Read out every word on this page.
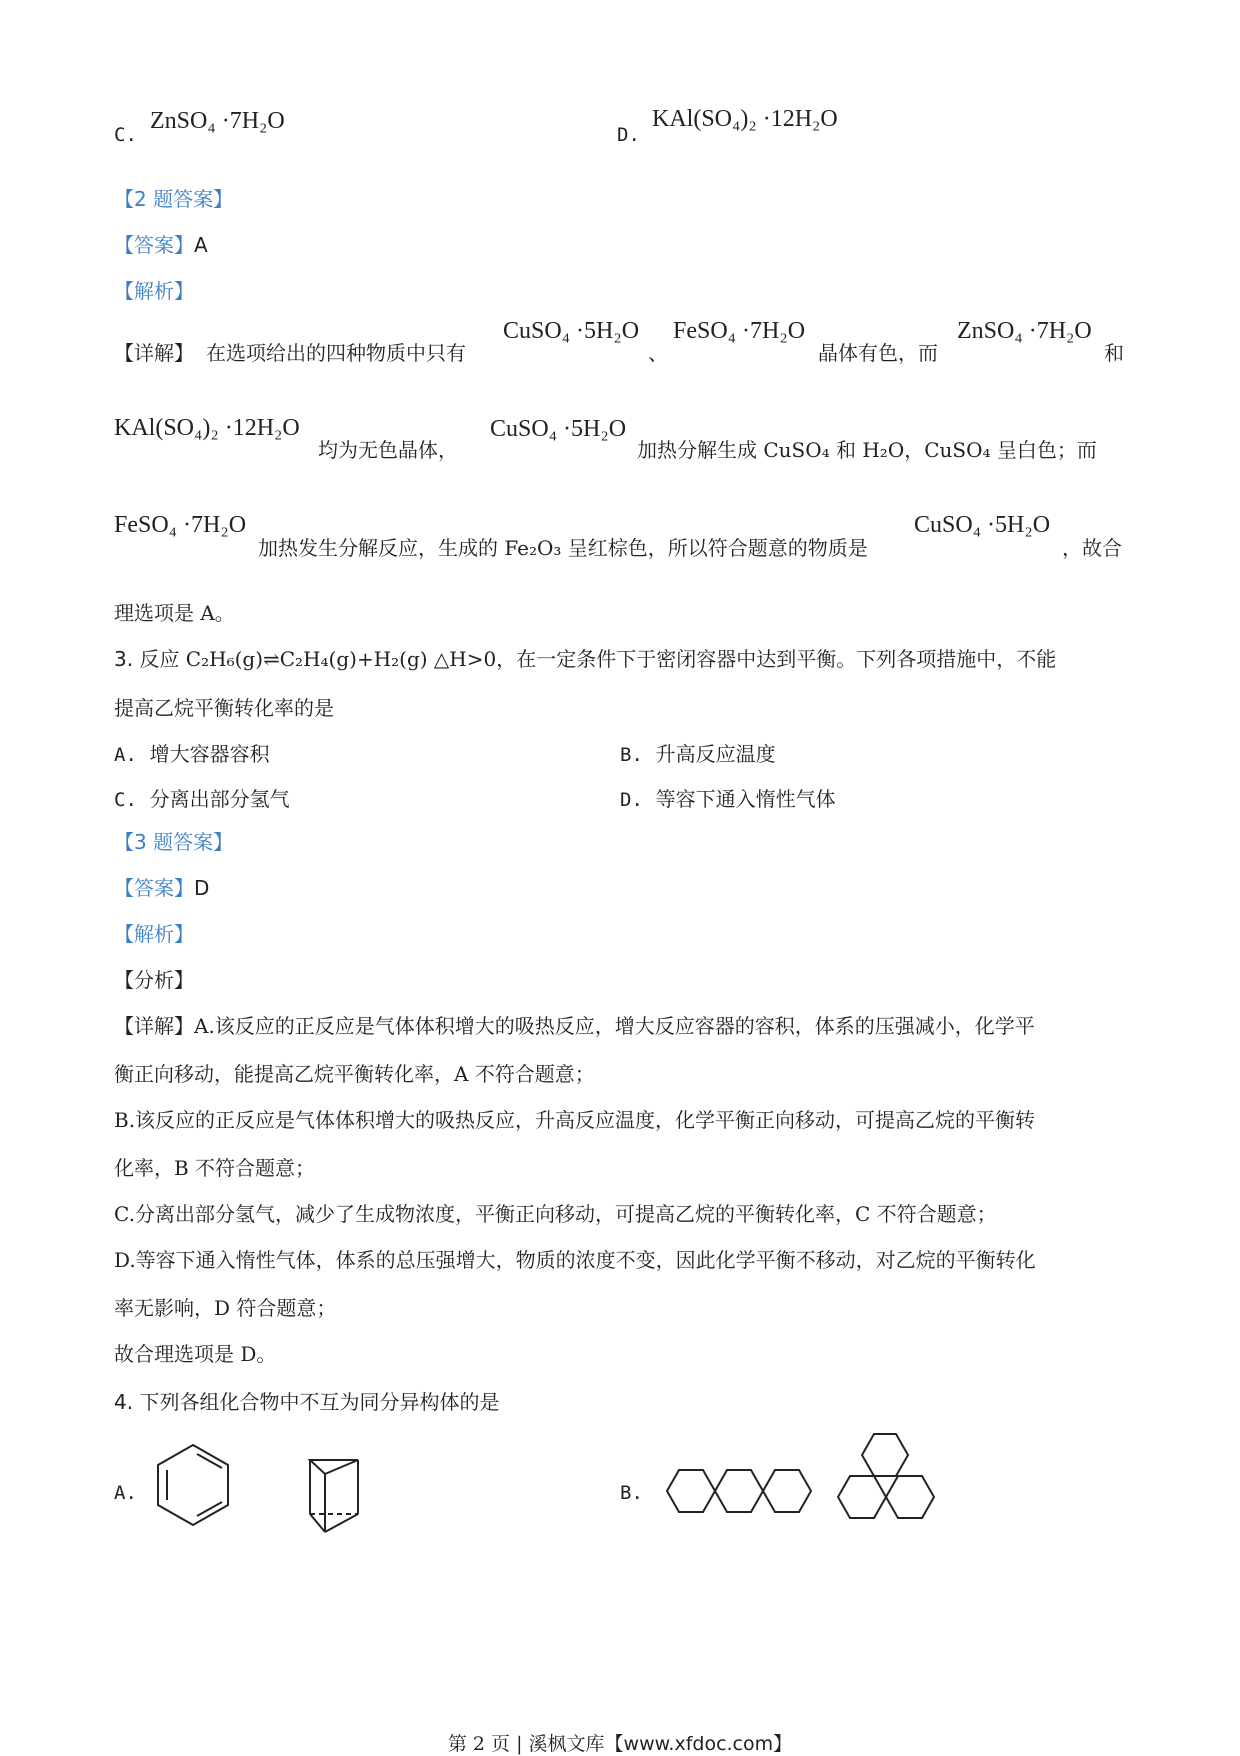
C.
ZnSO₄ ·7H₂O
D.
KAl(SO₄)₂ ·12H₂O
【2 题答案】
【答案】A
【解析】
【详解】 在选项给出的四种物质中只有
CuSO₄ ·5H₂O
、
FeSO₄ ·7H₂O
晶体有色，而
ZnSO₄ ·7H₂O
和
KAl(SO₄)₂ ·12H₂O
均为无色晶体，
CuSO₄ ·5H₂O
加热分解生成 CuSO₄ 和 H₂O，CuSO₄ 呈白色；而
FeSO₄ ·7H₂O
加热发生分解反应，生成的 Fe₂O₃ 呈红棕色，所以符合题意的物质是
CuSO₄ ·5H₂O
，故合
理选项是 A。
3. 反应 C₂H₆(g)⇌C₂H₄(g)+H₂(g) △H>0，在一定条件下于密闭容器中达到平衡。下列各项措施中，不能
提高乙烷平衡转化率的是
A. 增大容器容积	B. 升高反应温度
C. 分离出部分氢气	D. 等容下通入惰性气体
【3 题答案】
【答案】D
【解析】
【分析】
【详解】A.该反应的正反应是气体体积增大的吸热反应，增大反应容器的容积，体系的压强减小，化学平
衡正向移动，能提高乙烷平衡转化率，A 不符合题意；
B.该反应的正反应是气体体积增大的吸热反应，升高反应温度，化学平衡正向移动，可提高乙烷的平衡转
化率，B 不符合题意；
C.分离出部分氢气，减少了生成物浓度，平衡正向移动，可提高乙烷的平衡转化率，C 不符合题意；
D.等容下通入惰性气体，体系的总压强增大，物质的浓度不变，因此化学平衡不移动，对乙烷的平衡转化
率无影响，D 符合题意；
故合理选项是 D。
4. 下列各组化合物中不互为同分异构体的是
A.	B.
第 2 页 | 溪枫文库【www.xfdoc.com】
